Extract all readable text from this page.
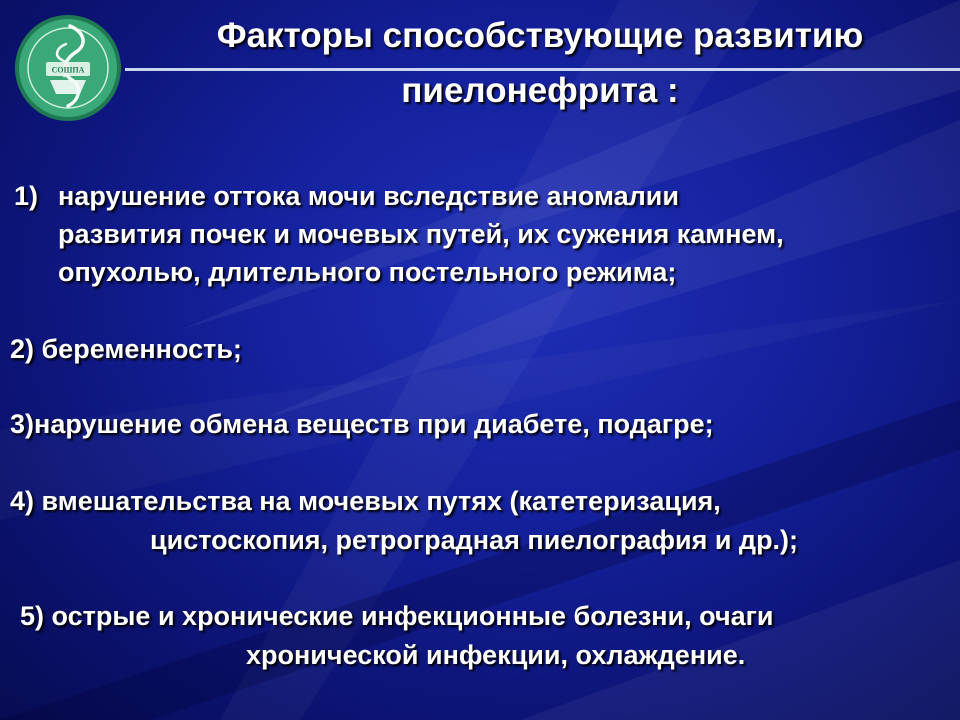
СОШПА
Факторы способствующие развитию
пиелонефрита :
1) нарушение оттока мочи вследствие аномалии
развития почек и мочевых путей, их сужения камнем,
опухолью, длительного постельного режима;
2) беременность;
3)нарушение обмена веществ при диабете, подагре;
4) вмешательства на мочевых путях (катетеризация,
цистоскопия, ретроградная пиелография и др.);
5) острые и хронические инфекционные болезни, очаги
хронической инфекции, охлаждение.
